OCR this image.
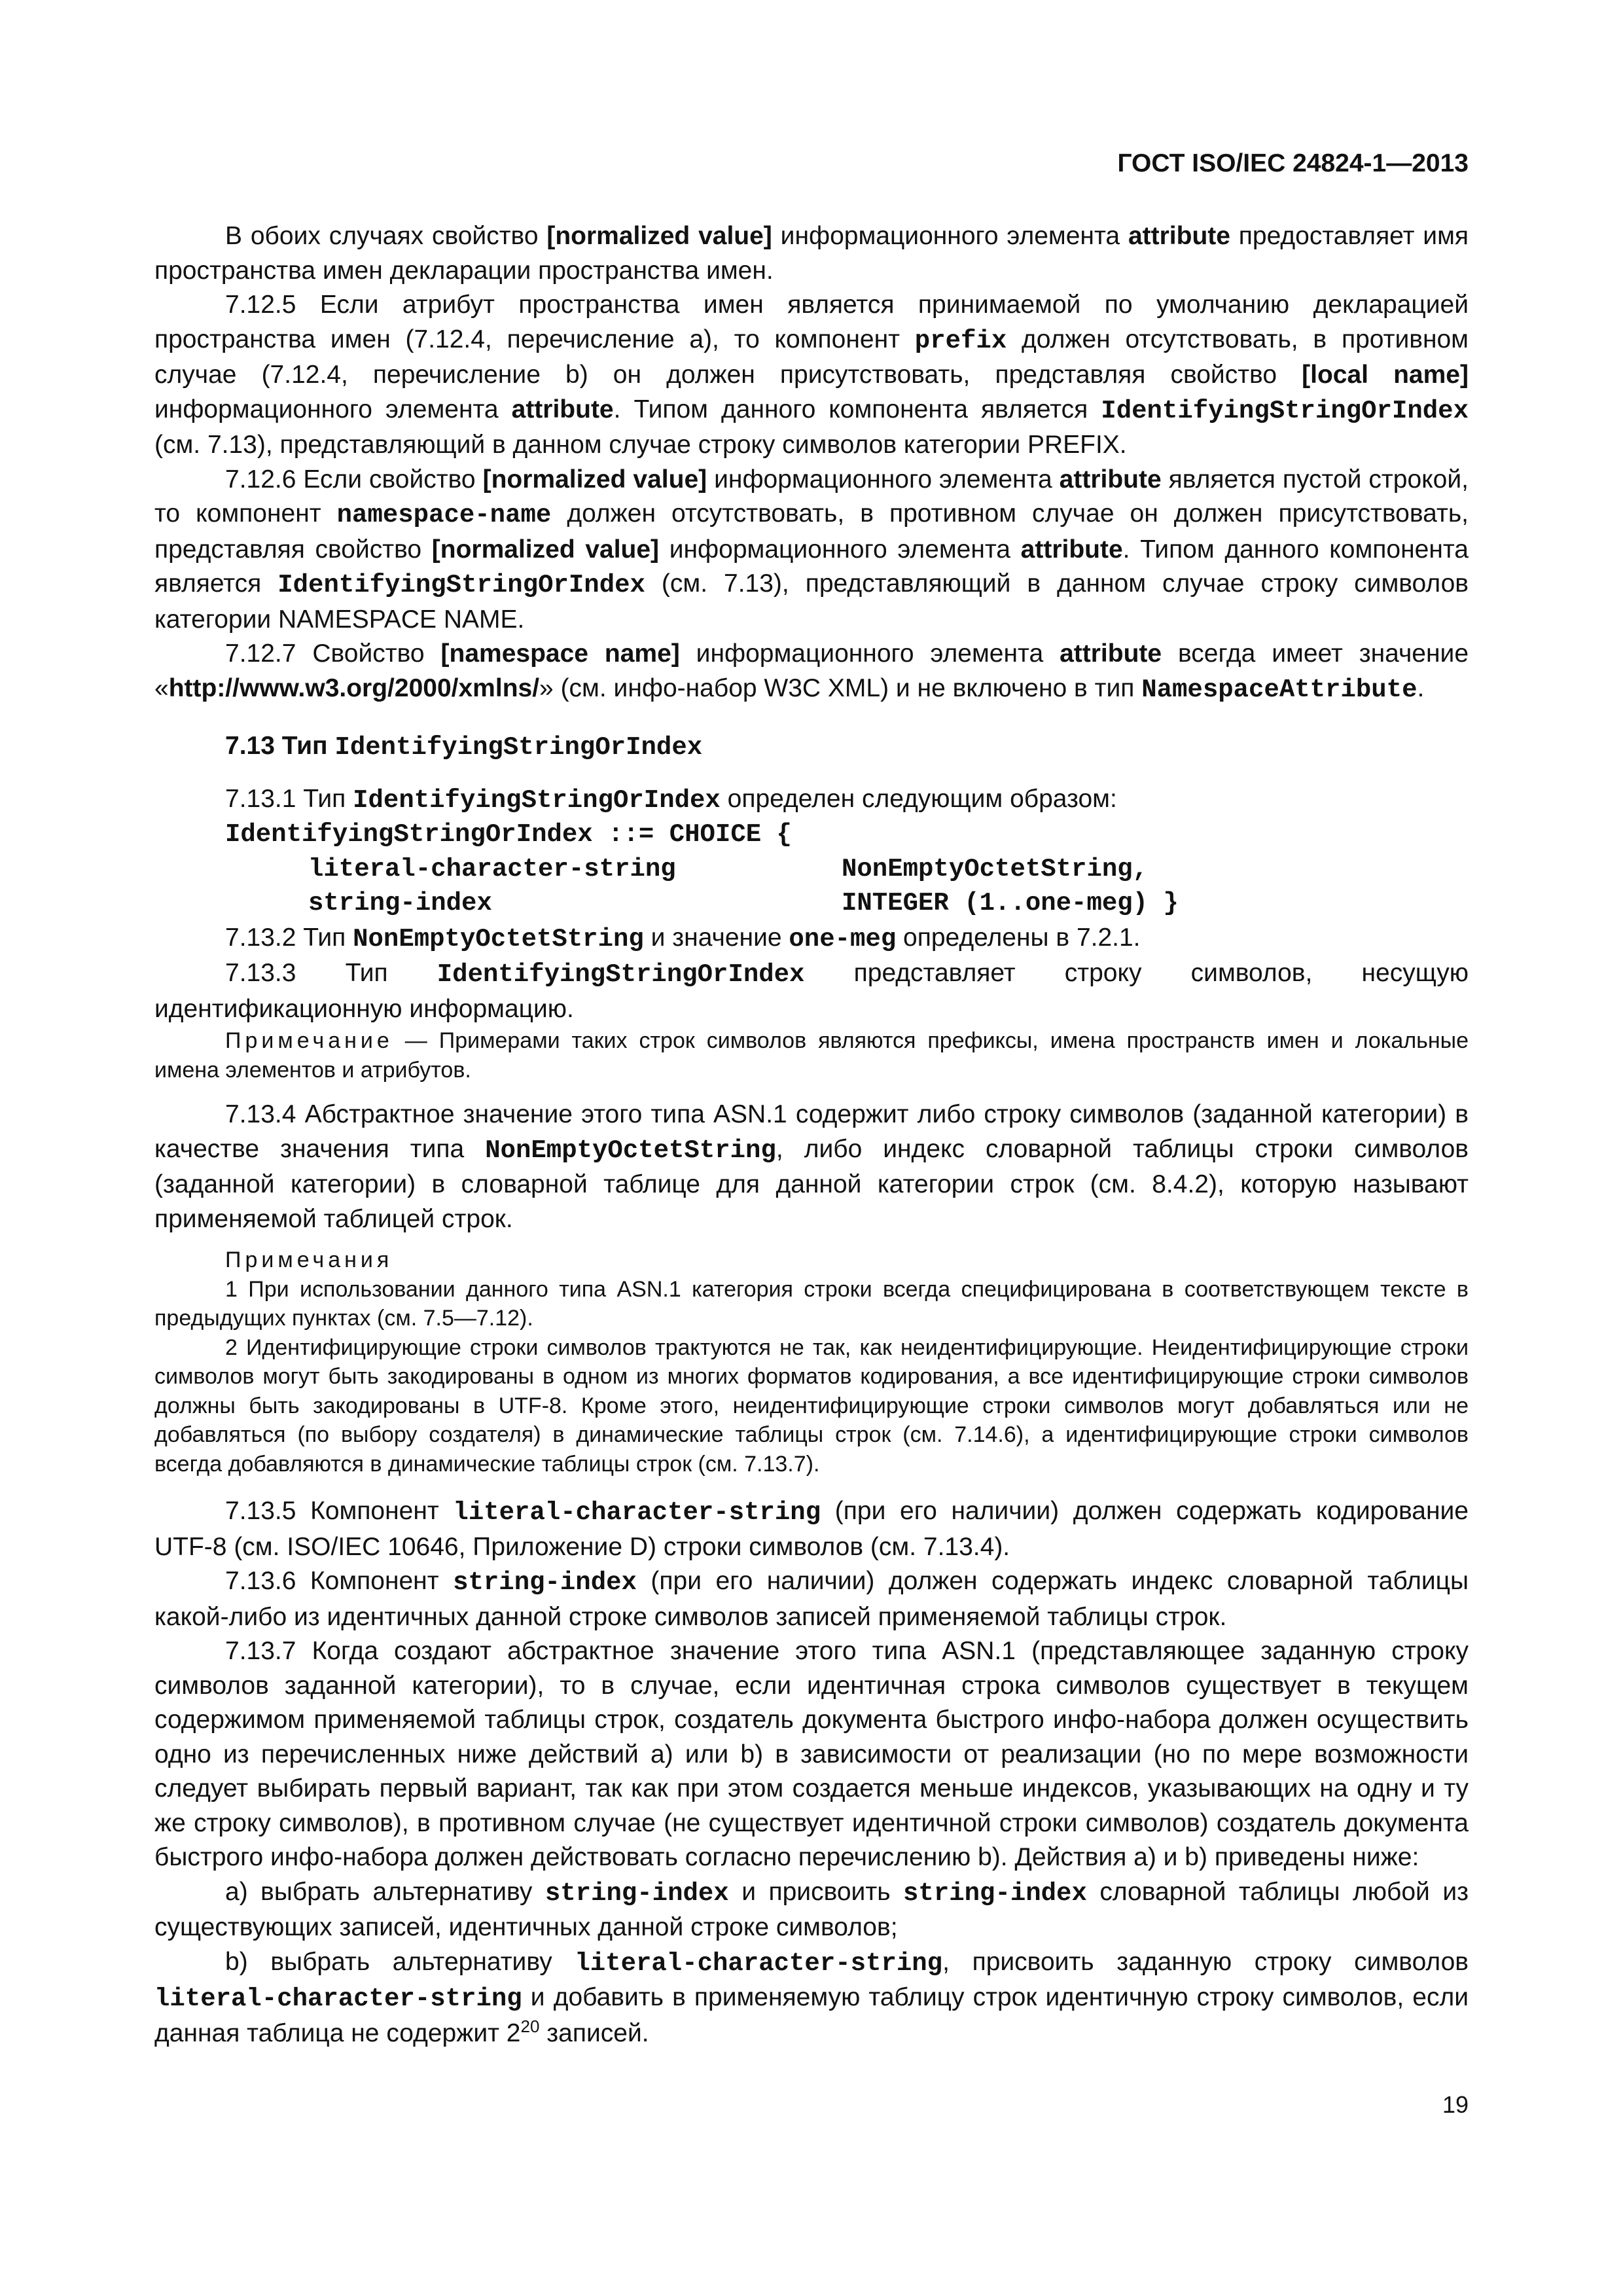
ГОСТ ISO/IEC 24824-1—2013

В обоих случаях свойство [normalized value] информационного элемента attribute предоставляет имя пространства имен декларации пространства имен.

7.12.5 Если атрибут пространства имен является принимаемой по умолчанию декларацией пространства имен (7.12.4, перечисление a), то компонент prefix должен отсутствовать, в противном случае (7.12.4, перечисление b) он должен присутствовать, представляя свойство [local name] информационного элемента attribute. Типом данного компонента является IdentifyingStringOrIndex (см. 7.13), представляющий в данном случае строку символов категории PREFIX.

7.12.6 Если свойство [normalized value] информационного элемента attribute является пустой строкой, то компонент namespace-name должен отсутствовать, в противном случае он должен присутствовать, представляя свойство [normalized value] информационного элемента attribute. Типом данного компонента является IdentifyingStringOrIndex (см. 7.13), представляющий в данном случае строку символов категории NAMESPACE NAME.

7.12.7 Свойство [namespace name] информационного элемента attribute всегда имеет значение «http://www.w3.org/2000/xmlns/» (см. инфо-набор W3C XML) и не включено в тип NamespaceAttribute.

7.13 Тип IdentifyingStringOrIndex

7.13.1 Тип IdentifyingStringOrIndex определен следующим образом:

IdentifyingStringOrIndex ::= CHOICE {
literal-character-string	NonEmptyOctetString,
string-index	INTEGER (1..one-meg) }

7.13.2 Тип NonEmptyOctetString и значение one-meg определены в 7.2.1.

7.13.3 Тип IdentifyingStringOrIndex представляет строку символов, несущую идентификационную информацию.

Примечание — Примерами таких строк символов являются префиксы, имена пространств имен и локальные имена элементов и атрибутов.

7.13.4 Абстрактное значение этого типа ASN.1 содержит либо строку символов (заданной категории) в качестве значения типа NonEmptyOctetString, либо индекс словарной таблицы строки символов (заданной категории) в словарной таблице для данной категории строк (см. 8.4.2), которую называют применяемой таблицей строк.

Примечания

1 При использовании данного типа ASN.1 категория строки всегда специфицирована в соответствующем тексте в предыдущих пунктах (см. 7.5—7.12).

2 Идентифицирующие строки символов трактуются не так, как неидентифицирующие. Неидентифицирующие строки символов могут быть закодированы в одном из многих форматов кодирования, а все идентифицирующие строки символов должны быть закодированы в UTF-8. Кроме этого, неидентифицирующие строки символов могут добавляться или не добавляться (по выбору создателя) в динамические таблицы строк (см. 7.14.6), а идентифицирующие строки символов всегда добавляются в динамические таблицы строк (см. 7.13.7).

7.13.5 Компонент literal-character-string (при его наличии) должен содержать кодирование UTF-8 (см. ISO/IEC 10646, Приложение D) строки символов (см. 7.13.4).

7.13.6 Компонент string-index (при его наличии) должен содержать индекс словарной таблицы какой-либо из идентичных данной строке символов записей применяемой таблицы строк.

7.13.7 Когда создают абстрактное значение этого типа ASN.1 (представляющее заданную строку символов заданной категории), то в случае, если идентичная строка символов существует в текущем содержимом применяемой таблицы строк, создатель документа быстрого инфо-набора должен осуществить одно из перечисленных ниже действий a) или b) в зависимости от реализации (но по мере возможности следует выбирать первый вариант, так как при этом создается меньше индексов, указывающих на одну и ту же строку символов), в противном случае (не существует идентичной строки символов) создатель документа быстрого инфо-набора должен действовать согласно перечислению b). Действия a) и b) приведены ниже:

a) выбрать альтернативу string-index и присвоить string-index словарной таблицы любой из существующих записей, идентичных данной строке символов;

b) выбрать альтернативу literal-character-string, присвоить заданную строку символов literal-character-string и добавить в применяемую таблицу строк идентичную строку символов, если данная таблица не содержит $2^{20}$ записей.

19
